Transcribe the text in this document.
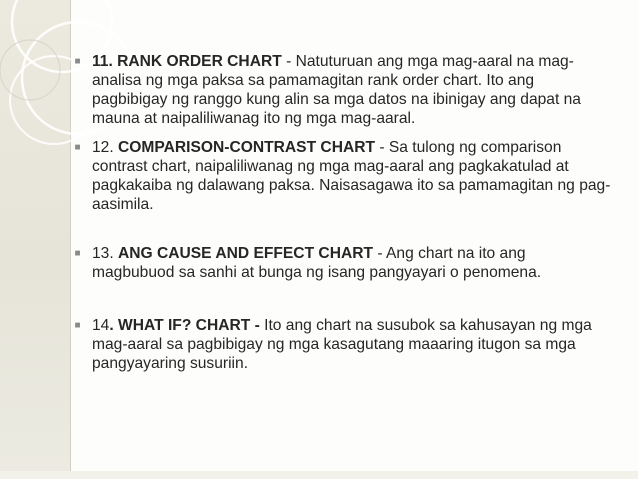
■ 11. RANK ORDER CHART - Natuturuan ang mga mag-aaral na mag-analisa ng mga paksa sa pamamagitan rank order chart. Ito ang pagbibigay ng ranggo kung alin sa mga datos na ibinigay ang dapat na mauna at naipaliliwanag ito ng mga mag-aaral.
■ 12. COMPARISON-CONTRAST CHART - Sa tulong ng comparison contrast chart, naipaliliwanag ng mga mag-aaral ang pagkakatulad at pagkakaiba ng dalawang paksa. Naisasagawa ito sa pamamagitan ng pag-aasimila.
■ 13. ANG CAUSE AND EFFECT CHART - Ang chart na ito ang magbubuod sa sanhi at bunga ng isang pangyayari o penomena.
■ 14. WHAT IF? CHART - Ito ang chart na susubok sa kahusayan ng mga mag-aaral sa pagbibigay ng mga kasagutang maaaring itugon sa mga pangyayaring susuriin.
